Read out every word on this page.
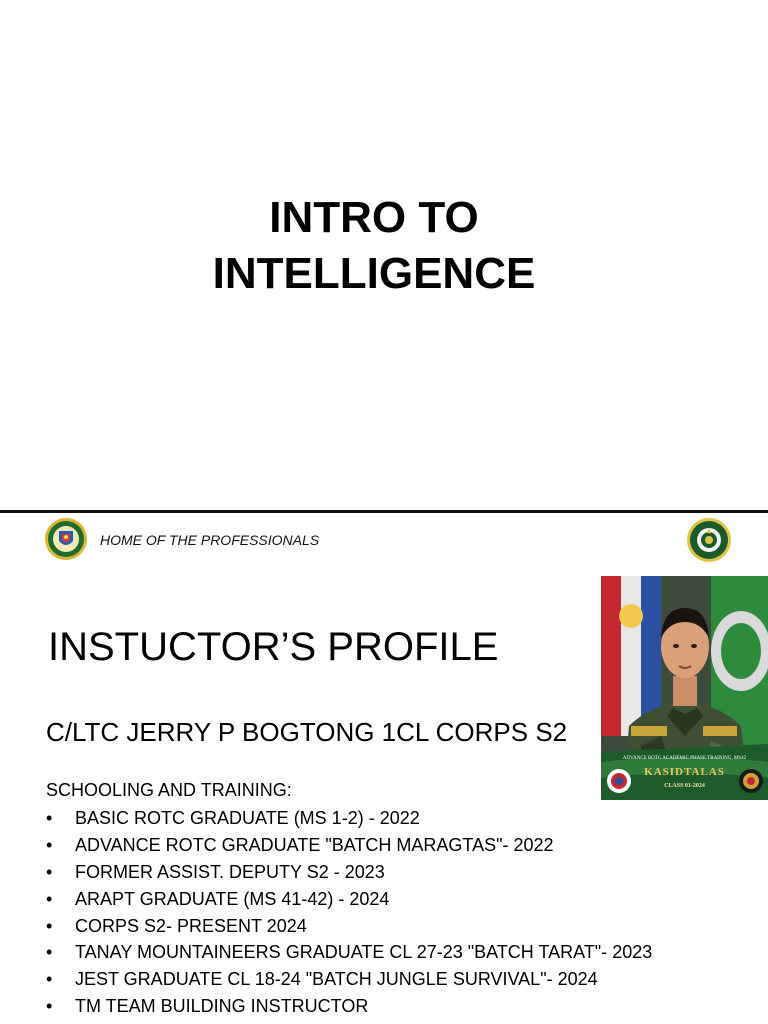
INTRO TO
INTELLIGENCE

HOME OF THE PROFESSIONALS

INSTUCTOR’S PROFILE

C/LTC JERRY P BOGTONG 1CL CORPS S2

ADVANCE ROTC ACADEMIC PHASE TRAINING, MS42
KASIDTALAS
CLASS 01-2024

SCHOOLING AND TRAINING:

• BASIC ROTC GRADUATE (MS 1-2) - 2022
• ADVANCE ROTC GRADUATE "BATCH MARAGTAS"- 2022
• FORMER ASSIST. DEPUTY S2 - 2023
• ARAPT GRADUATE (MS 41-42) - 2024
• CORPS S2- PRESENT 2024
• TANAY MOUNTAINEERS GRADUATE CL 27-23 "BATCH TARAT"- 2023
• JEST GRADUATE CL 18-24 "BATCH JUNGLE SURVIVAL"- 2024
• TM TEAM BUILDING INSTRUCTOR
